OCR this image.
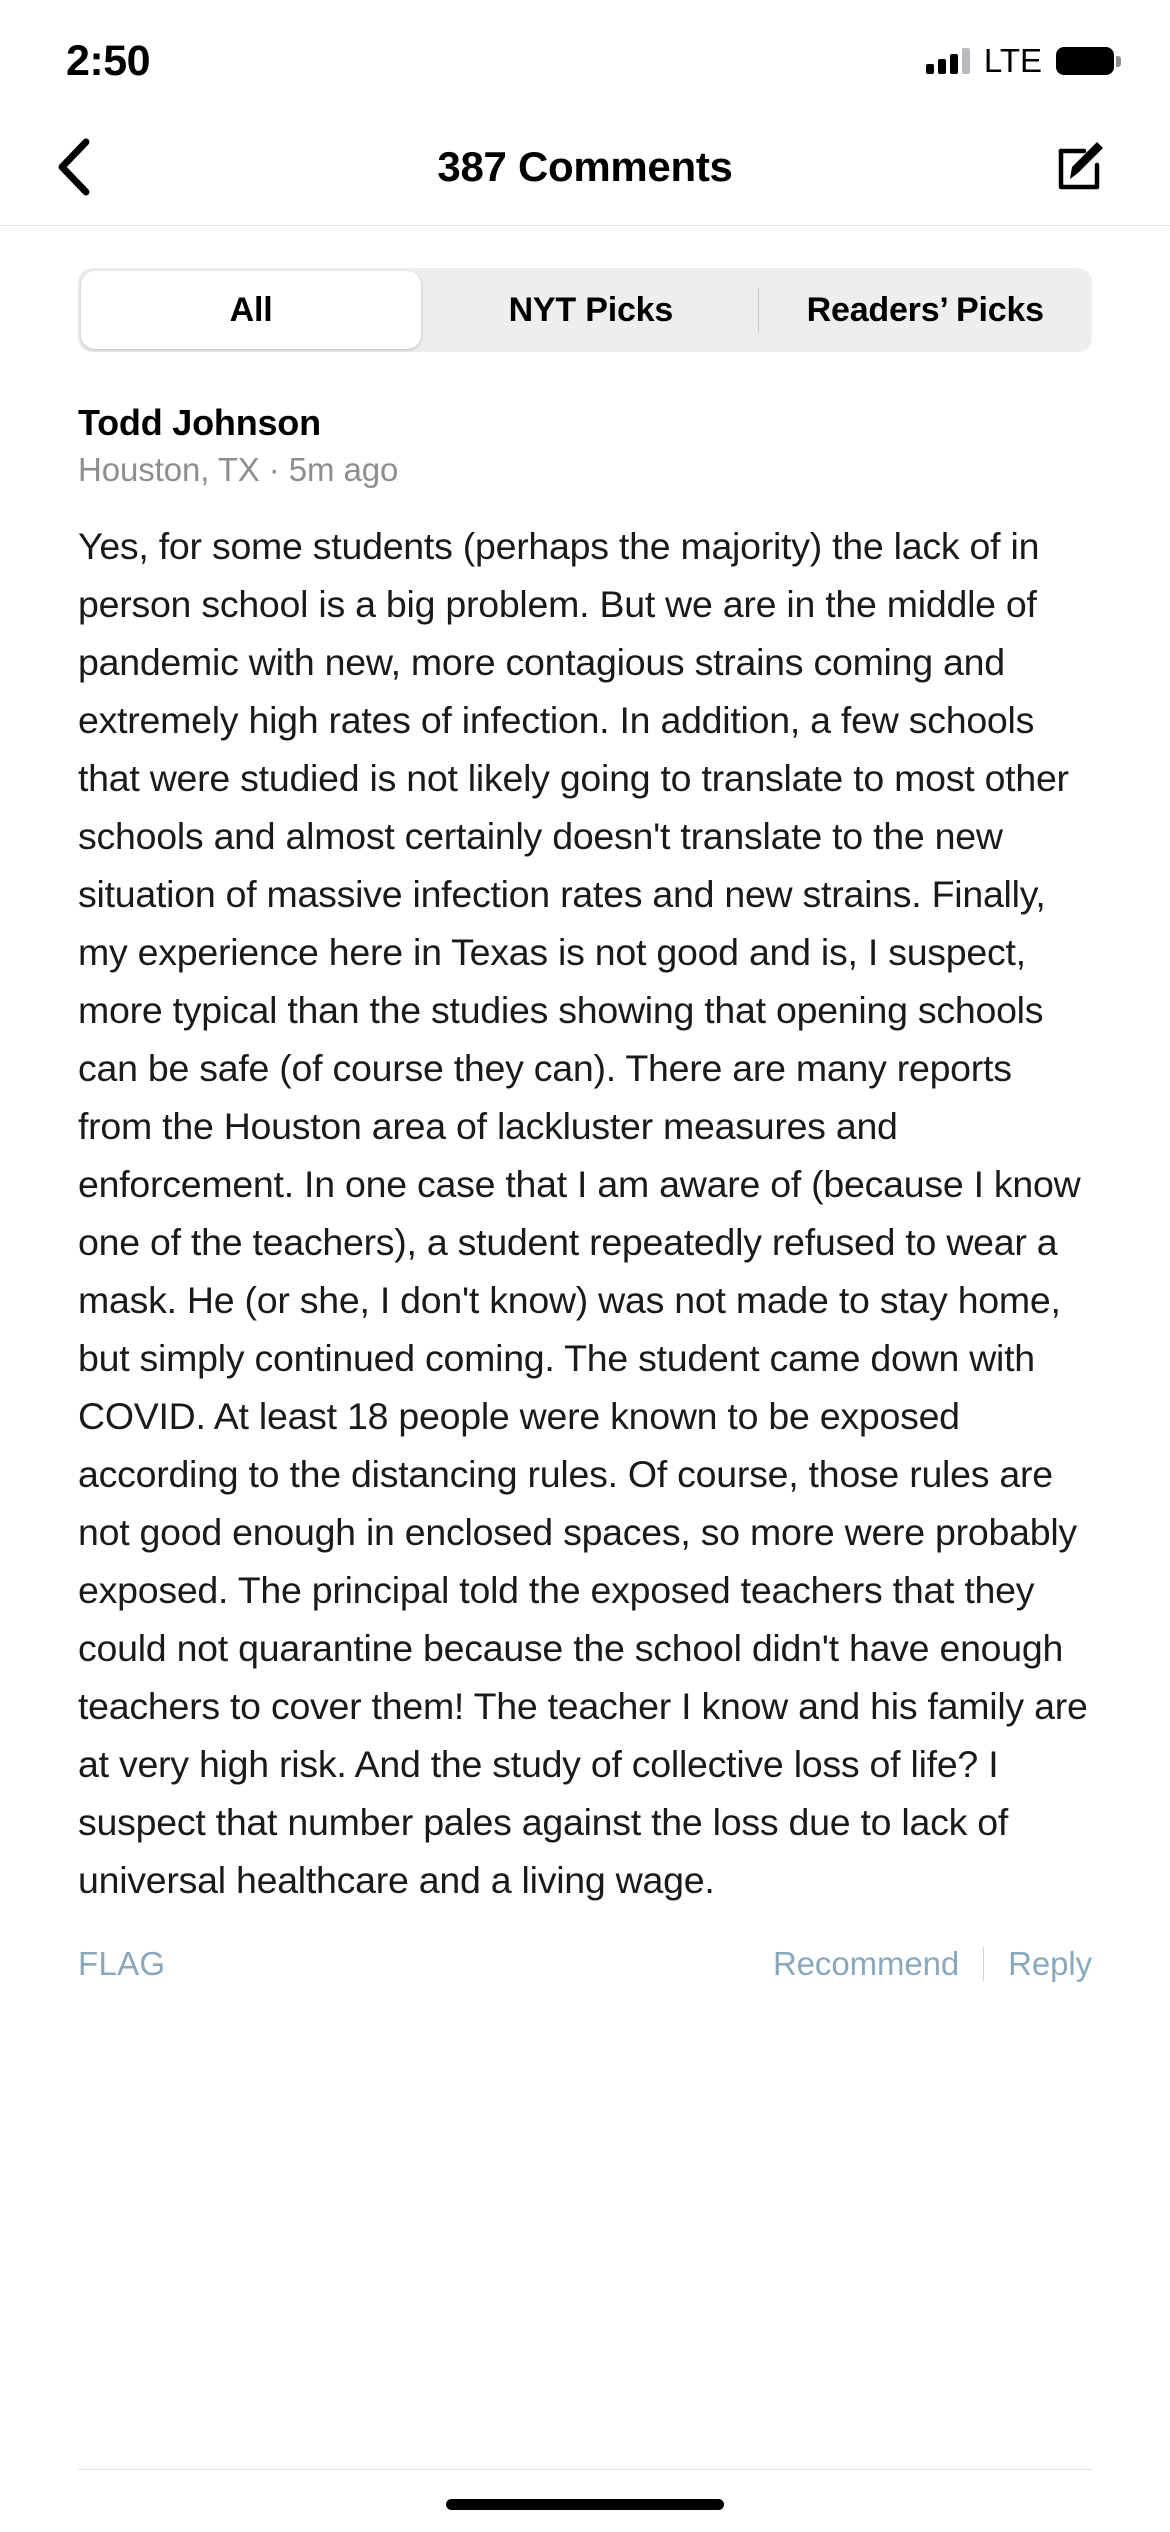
2:50	LTE
387 Comments
All	NYT Picks	Readers’ Picks
Todd Johnson
Houston, TX · 5m ago
Yes, for some students (perhaps the majority) the lack of in person school is a big problem. But we are in the middle of pandemic with new, more contagious strains coming and extremely high rates of infection. In addition, a few schools that were studied is not likely going to translate to most other schools and almost certainly doesn't translate to the new situation of massive infection rates and new strains. Finally, my experience here in Texas is not good and is, I suspect, more typical than the studies showing that opening schools can be safe (of course they can). There are many reports from the Houston area of lackluster measures and enforcement. In one case that I am aware of (because I know one of the teachers), a student repeatedly refused to wear a mask. He (or she, I don't know) was not made to stay home, but simply continued coming. The student came down with COVID. At least 18 people were known to be exposed according to the distancing rules. Of course, those rules are not good enough in enclosed spaces, so more were probably exposed. The principal told the exposed teachers that they could not quarantine because the school didn't have enough teachers to cover them! The teacher I know and his family are at very high risk. And the study of collective loss of life? I suspect that number pales against the loss due to lack of universal healthcare and a living wage.
FLAG	Recommend Reply
